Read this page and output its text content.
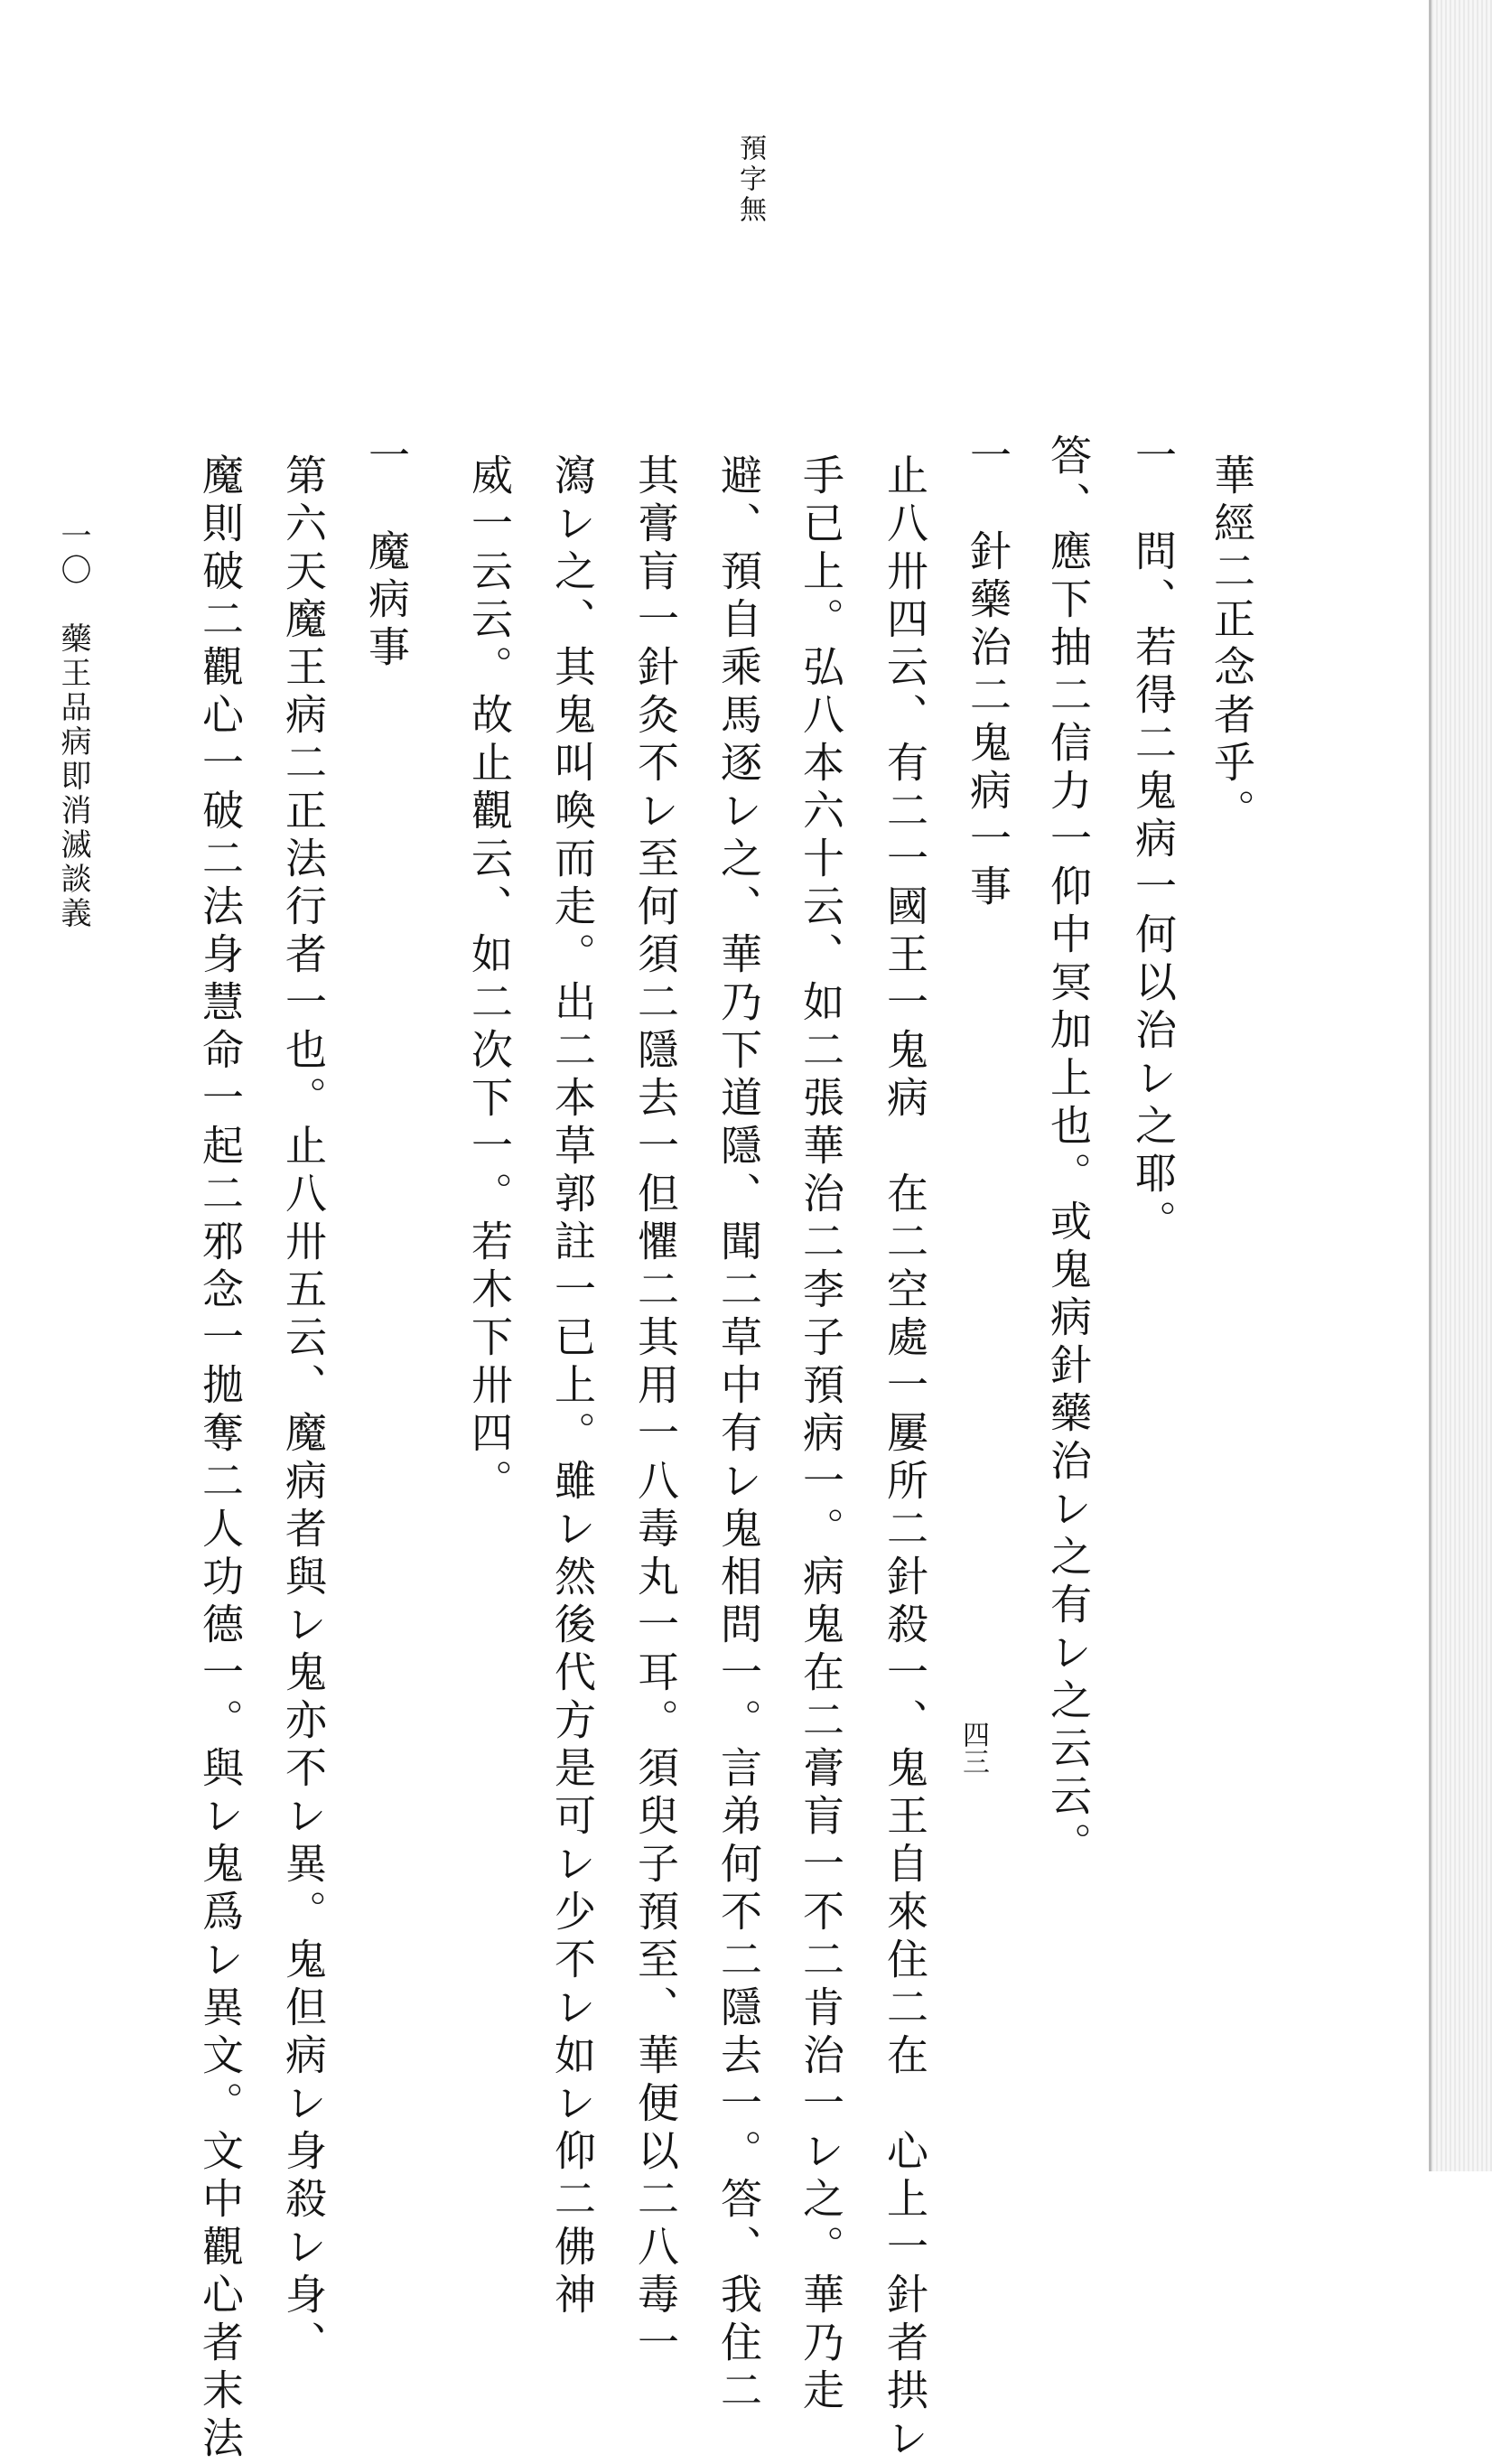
一〇　藥王品病即消滅談義
預字無
四三
華經二正念者乎。
一　問、若得二鬼病一何以治レ之耶。
答、應下抽二信力一仰中冥加上也。或鬼病針藥治レ之有レ之云云。
一　針藥治二鬼病一事
止八卅四云、有二一國王一鬼病　在二空處一屢所二針殺一、鬼王自來住二在　心上一針者拱レ
手已上。弘八本六十云、如二張華治二李子預病一。病鬼在二膏肓一不二肯治一レ之。華乃走
避、預自乘馬逐レ之、華乃下道隱、聞二草中有レ鬼相問一。言弟何不二隱去一。答、我住二
其膏肓一針灸不レ至何須二隱去一但懼二其用一八毒丸一耳。須臾子預至、華便以二八毒一
瀉レ之、其鬼叫喚而走。出二本草郭註一已上。雖レ然後代方是可レ少不レ如レ仰二佛神
威一云云。故止觀云、如二次下一。若木下卅四。
一　魔病事
第六天魔王病二正法行者一也。止八卅五云、魔病者與レ鬼亦不レ異。鬼但病レ身殺レ身、
魔則破二觀心一破二法身慧命一起二邪念一拋奪二人功德一。與レ鬼爲レ異文。文中觀心者末法
